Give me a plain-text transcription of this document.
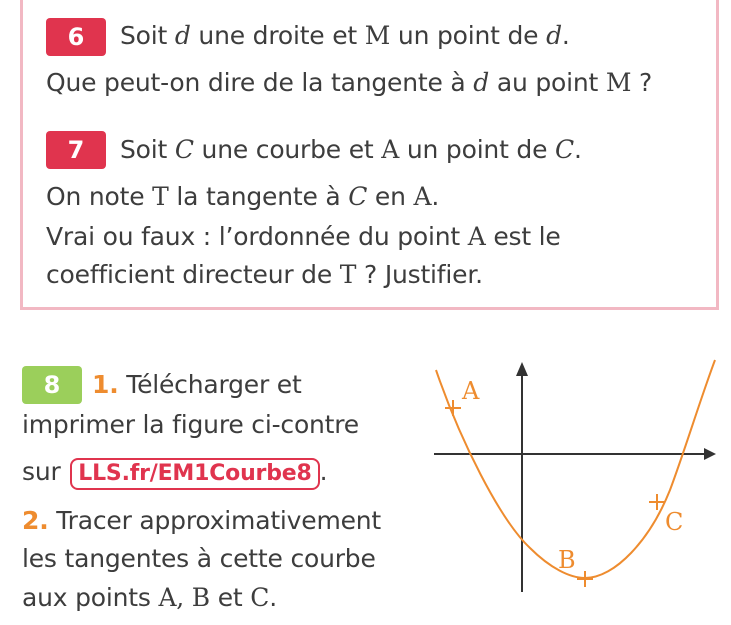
6	Soit d une droite et M un point de d.
Que peut-on dire de la tangente à d au point M ?
7	Soit C une courbe et A un point de C.
On note T la tangente à C en A.
Vrai ou faux : l’ordonnée du point A est le
coefficient directeur de T ? Justifier.
8	1. Télécharger et
imprimer la figure ci-contre
sur LLS.fr/EM1Courbe8 .
2. Tracer approximativement
les tangentes à cette courbe
aux points A, B et C.
A
B
C
